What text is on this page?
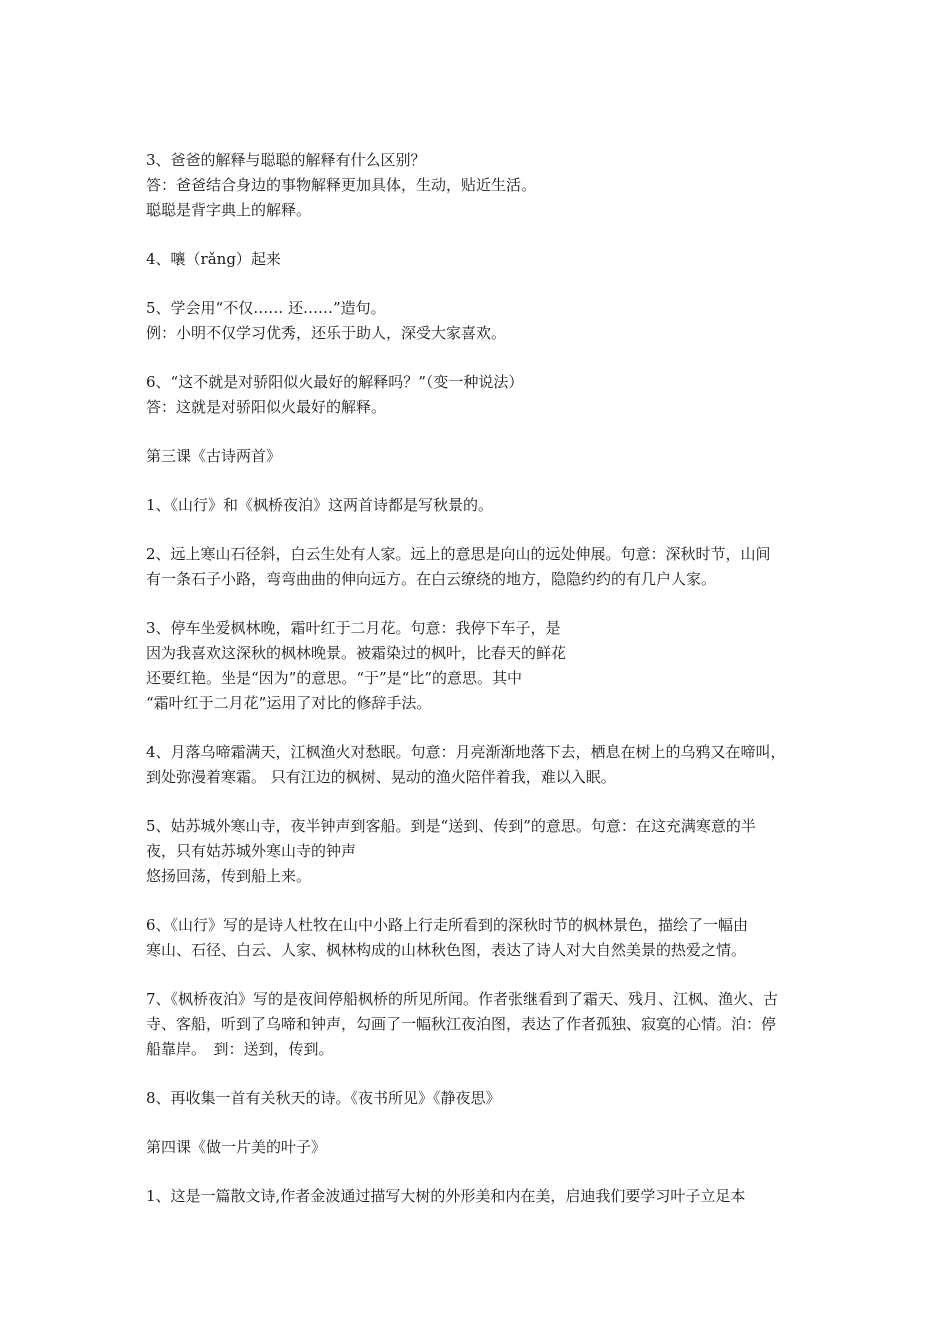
3、爸爸的解释与聪聪的解释有什么区别？
答：爸爸结合身边的事物解释更加具体，生动，贴近生活。
聪聪是背字典上的解释。
4、嚷（rǎng）起来
5、学会用“不仅…… 还……”造句。
例：小明不仅学习优秀，还乐于助人，深受大家喜欢。
6、“这不就是对骄阳似火最好的解释吗？”（变一种说法）
答：这就是对骄阳似火最好的解释。
第三课《古诗两首》
1、《山行》和《枫桥夜泊》这两首诗都是写秋景的。
2、远上寒山石径斜，白云生处有人家。远上的意思是向山的远处伸展。句意：深秋时节，山间
有一条石子小路，弯弯曲曲的伸向远方。在白云缭绕的地方，隐隐约约的有几户人家。
3、停车坐爱枫林晚，霜叶红于二月花。句意：我停下车子，是
因为我喜欢这深秋的枫林晚景。被霜染过的枫叶，比春天的鲜花
还要红艳。坐是“因为”的意思。“于”是“比”的意思。其中
“霜叶红于二月花”运用了对比的修辞手法。
4、月落乌啼霜满天，江枫渔火对愁眠。句意：月亮渐渐地落下去，栖息在树上的乌鸦又在啼叫，
到处弥漫着寒霜。 只有江边的枫树、晃动的渔火陪伴着我，难以入眠。
5、姑苏城外寒山寺，夜半钟声到客船。到是“送到、传到”的意思。句意：在这充满寒意的半
夜，只有姑苏城外寒山寺的钟声
悠扬回荡，传到船上来。
6、《山行》写的是诗人杜牧在山中小路上行走所看到的深秋时节的枫林景色，描绘了一幅由
寒山、石径、白云、人家、枫林构成的山林秋色图，表达了诗人对大自然美景的热爱之情。
7、《枫桥夜泊》写的是夜间停船枫桥的所见所闻。作者张继看到了霜天、残月、江枫、渔火、古
寺、客船，听到了乌啼和钟声，勾画了一幅秋江夜泊图，表达了作者孤独、寂寞的心情。泊：停
船靠岸。　到：送到，传到。
8、再收集一首有关秋天的诗。《夜书所见》《静夜思》
第四课《做一片美的叶子》
1、这是一篇散文诗,作者金波通过描写大树的外形美和内在美，启迪我们要学习叶子立足本
